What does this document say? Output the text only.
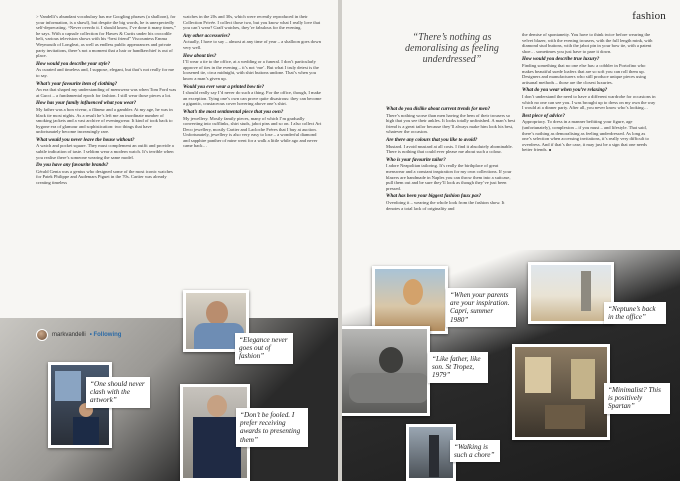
> Vandelli’s abundant vocabulary has me Googling phrases (a shalloon), for your information, is a shawl), but despite the big words, he is unexpectedly self-deprecating. “Never overdo it. I should know, I’ve done it many times,” he says. With a capsule collection for Hawes & Curtis under his crocodile belt, various television shows with his “best friend” Viscountess Emma Weymouth of Longleat, as well as endless public appearances and private party invitations, there’s not a moment that a hair or handkerchief is out of place.

How would you describe your style?

As curated and timeless and, I suppose, elegant, but that’s not really for me to say.

What’s your favourite item of clothing?

An era that shaped my understanding of menswear was when Tom Ford was at Gucci – a fundamental epoch for fashion. I still wear those pieces a lot.

How has your family influenced what you wear?

My father was a bon viveur, a flâneur and a gambler. At my age, he was in black tie most nights. As a result he’s left me an inordinate number of smoking jackets and a vast archive of eveningwear. It kind of took back to bygone era of glamour and sophistication: two things that have unfortunately become increasingly rare.

What would you never leave the house without?

A watch and pocket square. They must complement an outfit and provide a subtle indication of taste. I seldom wear a modern watch. It’s terrible when you realise there’s someone wearing the same model.

Do you have any favourite brands?

Gérald Genta was a genius who designed some of the most iconic watches for Patek Philippe and Audemars Piguet in the 70s. Cartier was already creating timeless

watches in the 20s and 30s, which were recently reproduced in their Collection Privée. I collect those two, but you know what I really love that you can’t wear? Graff watches, they’re fabulous for the evening.

Any other accessories?

Actually, I have to say – almost at any time of year – a shalloon goes down very well.

How about ties?

I’ll wear a tie to the office, at a wedding or a funeral. I don’t particularly approve of ties in the evening – it’s not ‘me’. But what I truly detest is the loosened tie, circa midnight, with shirt buttons undone. That’s when you know a man’s given up.

Would you ever wear a printed bow tie?

I should really say I’d never do such a thing. For the office, though, I make an exception. Tying one’s own can prove quite disastrous: they can become a gigantic, crustaceous cover hovering above one’s shirt.

What’s the most sentimental piece that you own?

My jewellery. Mostly family pieces, many of which I’m gradually converting into cufflinks, shirt studs, jabot pins and so on. I also collect Art Deco jewellery, mostly Cartier and Lacloche Frères that I buy at auction. Unfortunately, jewellery is also very easy to lose – a wonderful diamond and sapphire panther of mine went for a walk a little while ago and never came back…

markvandelli • Following
“Elegance never goes out of fashion”
“One should never clash with the artwork”
“Don’t be fooled. I prefer receiving awards to presenting them”
fashion
“There’s nothing as demoralising as feeling underdressed”
What do you dislike about current trends for men?

There’s nothing worse than men having the hem of their trousers so high that you see their ankles. It looks totally unfinished. A man’s best friend is a great tailor because they’ll always make him look his best, whatever the occasion.

Are there any colours that you like to avoid?

Mustard. I avoid mustard at all costs. I find it absolutely abominable. There is nothing that could ever please me about such a colour.

Who is your favourite tailor?

I adore Neapolitan tailoring. It’s really the birthplace of great menswear and a constant inspiration for my own collections. If your blazers are handmade in Naples you can throw them into a suitcase, pull them out and be sure they’ll look as though they’ve just been pressed.

What has been your biggest fashion faux pas?

Overdoing it – wearing the whole look from the fashion show. It denotes a total lack of originality and

the demise of spontaneity. You have to think twice before wearing the velvet blazer, with the evening trousers, with the full length mink, with diamond stud buttons, with the jabot pin in your bow tie, with a patent shoe… sometimes you just have to pare it down.

How would you describe true luxury?

Finding something that no one else has: a cobbler in Portofino who makes beautiful suede loafers that are so soft you can roll them up. Designers and manufacturers who still produce unique pieces using artisanal methods – those are the closest luxuries.

What do you wear when you’re relaxing?

I don’t understand the need to have a different wardrobe for occasions in which no one can see you. I was brought up to dress on my own the way I would at a dinner party. After all, you never know who’s looking…

Best piece of advice?

Appropriacy. To dress in a manner befitting your figure, age (unfortunately), complexion – if you must – and lifestyle. That said, there’s nothing as demoralising as feeling underdressed. As long as one’s selection when accessing invitations, it’s really very difficult to overdress. And if that’s the case, it may just be a sign that one needs better friends. ∎

“When your parents are your inspiration. Capri, summer 1980”
“Like father, like son. St Tropez, 1979”
“Walking is such a chore”
“Neptune’s back in the office”
“Minimalist? This is positively Spartan”
